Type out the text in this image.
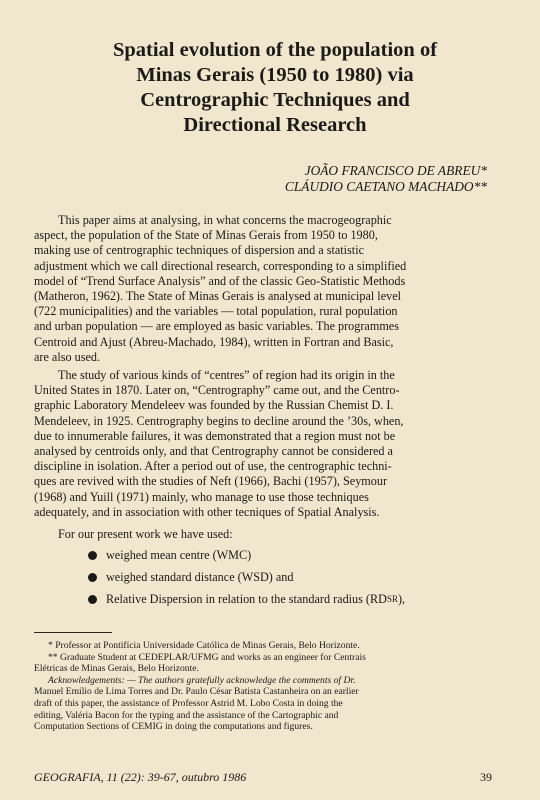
Spatial evolution of the population of
Minas Gerais (1950 to 1980) via
Centrographic Techniques and
Directional Research
JOÃO FRANCISCO DE ABREU*
CLÁUDIO CAETANO MACHADO**
This paper aims at analysing, in what concerns the macrogeographic
aspect, the population of the State of Minas Gerais from 1950 to 1980,
making use of centrographic techniques of dispersion and a statistic
adjustment which we call directional research, corresponding to a simplified
model of “Trend Surface Analysis” and of the classic Geo-Statistic Methods
(Matheron, 1962). The State of Minas Gerais is analysed at municipal level
(722 municipalities) and the variables — total population, rural population
and urban population — are employed as basic variables. The programmes
Centroid and Ajust (Abreu-Machado, 1984), written in Fortran and Basic,
are also used.
The study of various kinds of “centres” of region had its origin in the
United States in 1870. Later on, “Centrography” came out, and the Centro-
graphic Laboratory Mendeleev was founded by the Russian Chemist D. I.
Mendeleev, in 1925. Centrography begins to decline around the ’30s, when,
due to innumerable failures, it was demonstrated that a region must not be
analysed by centroids only, and that Centrography cannot be considered a
discipline in isolation. After a period out of use, the centrographic techni-
ques are revived with the studies of Neft (1966), Bachi (1957), Seymour
(1968) and Yuill (1971) mainly, who manage to use those techniques
adequately, and in association with other tecniques of Spatial Analysis.
For our present work we have used:
weighed mean centre (WMC)
weighed standard distance (WSD) and
Relative Dispersion in relation to the standard radius (RD SR ),
* Professor at Pontifícia Universidade Católica de Minas Gerais, Belo Horizonte.
** Graduate Student at CEDEPLAR/UFMG and works as an engineer for Centrais
Elétricas de Minas Gerais, Belo Horizonte.
Acknowledgements: — The authors gratefully acknowledge the comments of Dr.
Manuel Emílio de Lima Torres and Dr. Paulo César Batista Castanheira on an earlier
draft of this paper, the assistance of Professor Astrid M. Lobo Costa in doing the
editing, Valéria Bacon for the typing and the assistance of the Cartographic and
Computation Sections of CEMIG in doing the computations and figures.
GEOGRAFIA, 11 (22): 39-67, outubro 1986	39
